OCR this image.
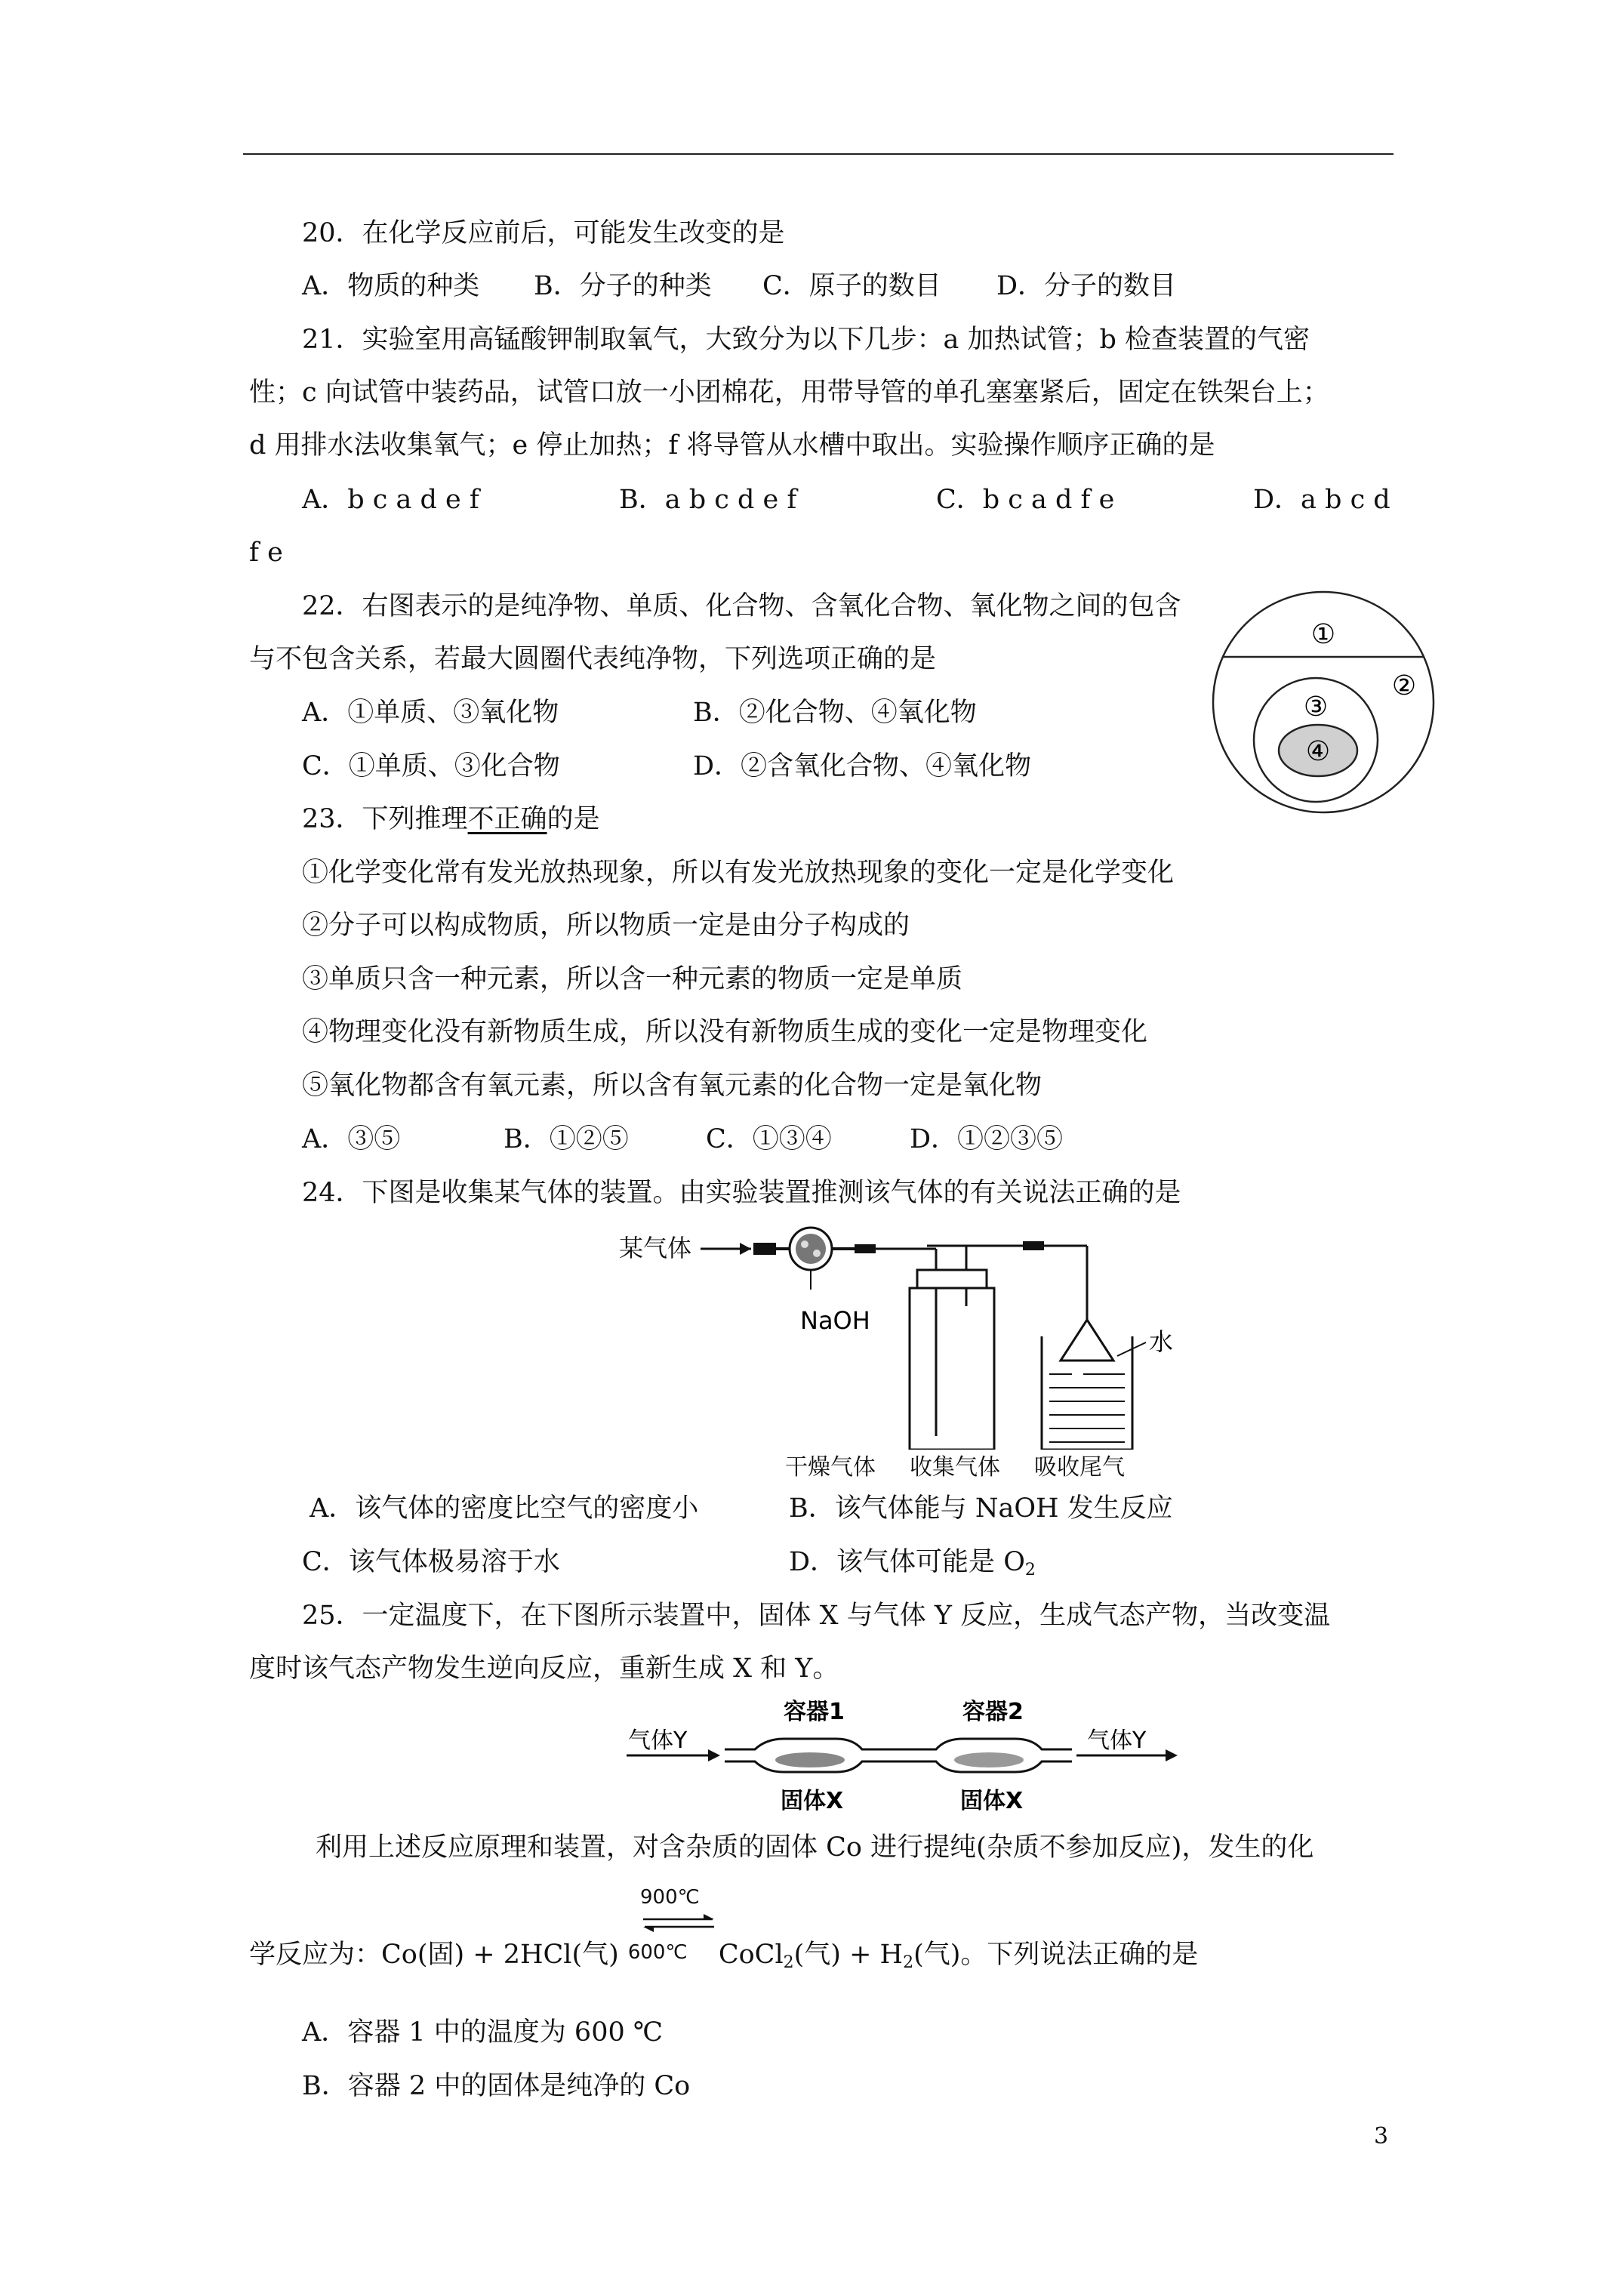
20．在化学反应前后，可能发生改变的是
A．物质的种类 B．分子的种类 C．原子的数目 D．分子的数目
21．实验室用高锰酸钾制取氧气，大致分为以下几步：a 加热试管；b 检查装置的气密
性；c 向试管中装药品，试管口放一小团棉花，用带导管的单孔塞塞紧后，固定在铁架台上；
d 用排水法收集氧气；e 停止加热；f 将导管从水槽中取出。实验操作顺序正确的是
A．b c a d e f	B．a b c d e f	C．b c a d f e	D．a b c d
f e
22．右图表示的是纯净物、单质、化合物、含氧化合物、氧化物之间的包含
与不包含关系，若最大圆圈代表纯净物，下列选项正确的是
A．①单质、③氧化物	B．②化合物、④氧化物
C．①单质、③化合物	D．②含氧化合物、④氧化物
①
②
③
④
23．下列推理不正确的是
①化学变化常有发光放热现象，所以有发光放热现象的变化一定是化学变化
②分子可以构成物质，所以物质一定是由分子构成的
③单质只含一种元素，所以含一种元素的物质一定是单质
④物理变化没有新物质生成，所以没有新物质生成的变化一定是物理变化
⑤氧化物都含有氧元素，所以含有氧元素的化合物一定是氧化物
A．③⑤	B．①②⑤	C．①③④	D．①②③⑤
24．下图是收集某气体的装置。由实验装置推测该气体的有关说法正确的是
某气体
NaOH
水
干燥气体 收集气体 吸收尾气
A．该气体的密度比空气的密度小	B．该气体能与 NaOH 发生反应
C．该气体极易溶于水	D．该气体可能是 $O_2$
25．一定温度下，在下图所示装置中，固体 X 与气体 Y 反应，生成气态产物，当改变温
度时该气态产物发生逆向反应，重新生成 X 和 Y。
气体Y
容器1	容器2
固体X	固体X
气体Y
利用上述反应原理和装置，对含杂质的固体 Co 进行提纯(杂质不参加反应)，发生的化
900℃
学反应为：Co(固) + 2HCl(气) 600℃ CoCl$_2$(气) + $H_2$(气)。下列说法正确的是
A．容器 1 中的温度为 600 ℃
B．容器 2 中的固体是纯净的 Co
3
